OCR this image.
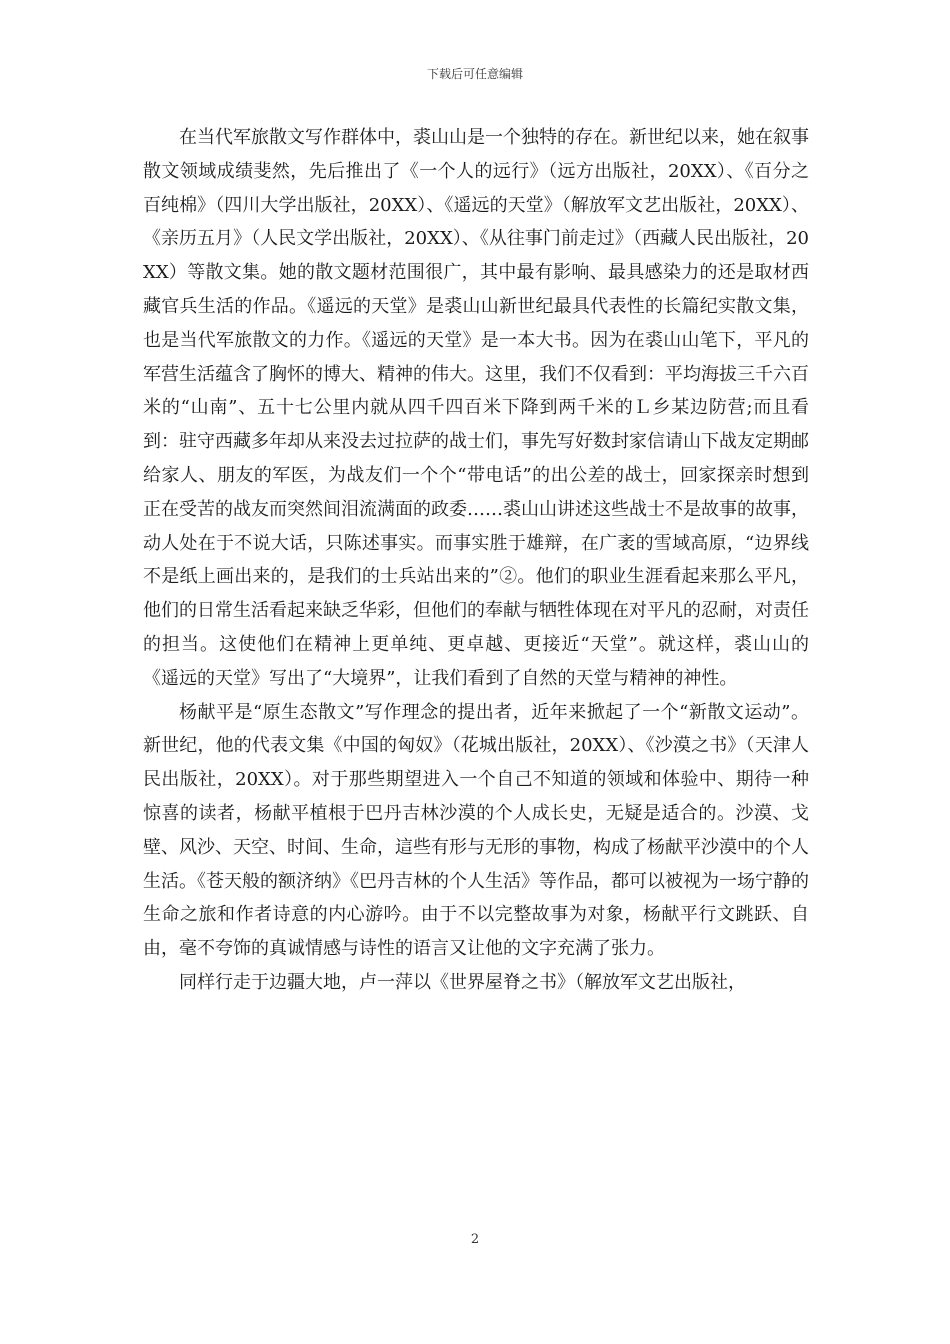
下载后可任意编辑

在当代军旅散文写作群体中，裘山山是一个独特的存在。新世纪以来，她在叙事散文领域成绩斐然，先后推出了《一个人的远行》（远方出版社，20XX）、《百分之百纯棉》（四川大学出版社，20XX）、《遥远的天堂》（解放军文艺出版社，20XX）、《亲历五月》（人民文学出版社，20XX）、《从往事门前走过》（西藏人民出版社，20XX）等散文集。她的散文题材范围很广，其中最有影响、最具感染力的还是取材西藏官兵生活的作品。《遥远的天堂》是裘山山新世纪最具代表性的长篇纪实散文集，也是当代军旅散文的力作。《遥远的天堂》是一本大书。因为在裘山山笔下，平凡的军营生活蕴含了胸怀的博大、精神的伟大。这里，我们不仅看到：平均海拔三千六百米的“山南”、五十七公里内就从四千四百米下降到两千米的Ｌ乡某边防营;而且看到：驻守西藏多年却从来没去过拉萨的战士们，事先写好数封家信请山下战友定期邮给家人、朋友的军医，为战友们一个个“带电话”的出公差的战士，回家探亲时想到正在受苦的战友而突然间泪流满面的政委……裘山山讲述这些战士不是故事的故事，动人处在于不说大话，只陈述事实。而事实胜于雄辩，在广袤的雪域高原，“边界线不是纸上画出来的，是我们的士兵站出来的”②。他们的职业生涯看起来那么平凡，他们的日常生活看起来缺乏华彩，但他们的奉献与牺牲体现在对平凡的忍耐，对责任的担当。这使他们在精神上更单纯、更卓越、更接近“天堂”。就这样，裘山山的《遥远的天堂》写出了“大境界”，让我们看到了自然的天堂与精神的神性。

杨献平是“原生态散文”写作理念的提出者，近年来掀起了一个“新散文运动”。新世纪，他的代表文集《中国的匈奴》（花城出版社，20XX）、《沙漠之书》（天津人民出版社，20XX）。对于那些期望进入一个自己不知道的领域和体验中、期待一种惊喜的读者，杨献平植根于巴丹吉林沙漠的个人成长史，无疑是适合的。沙漠、戈壁、风沙、天空、时间、生命，這些有形与无形的事物，构成了杨献平沙漠中的个人生活。《苍天般的额济纳》《巴丹吉林的个人生活》等作品，都可以被视为一场宁静的生命之旅和作者诗意的内心游吟。由于不以完整故事为对象，杨献平行文跳跃、自由，毫不夸饰的真诚情感与诗性的语言又让他的文字充满了张力。

同样行走于边疆大地，卢一萍以《世界屋脊之书》（解放军文艺出版社，

2
